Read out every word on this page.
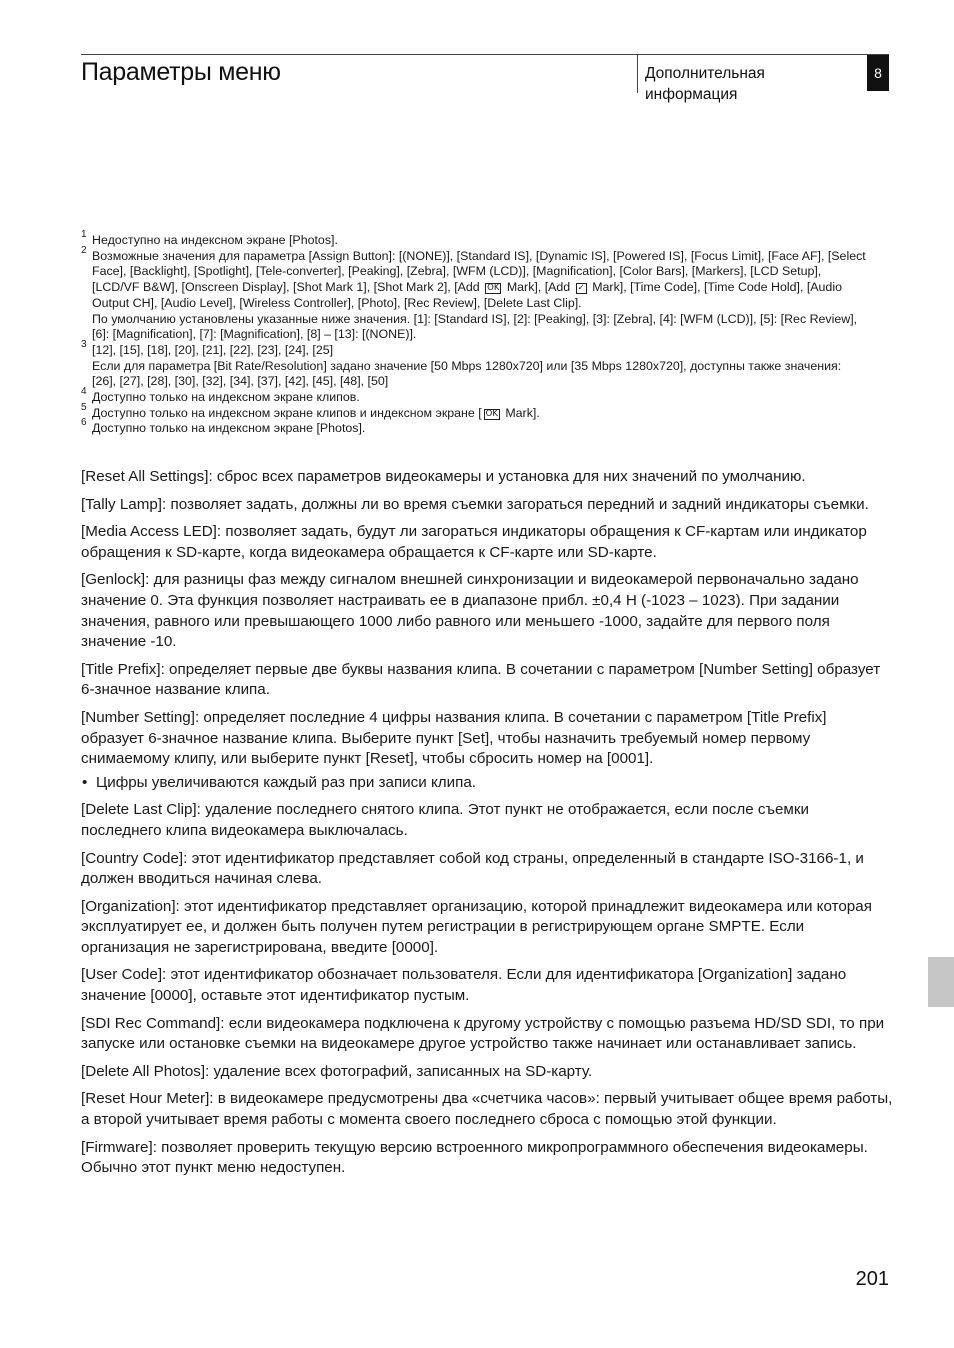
Параметры меню	Дополнительная информация
8
1 Недоступно на индексном экране [Photos].
2 Возможные значения для параметра [Assign Button]: [(NONE)], [Standard IS], [Dynamic IS], [Powered IS], [Focus Limit], [Face AF], [Select Face], [Backlight], [Spotlight], [Tele-converter], [Peaking], [Zebra], [WFM (LCD)], [Magnification], [Color Bars], [Markers], [LCD Setup], [LCD/VF B&W], [Onscreen Display], [Shot Mark 1], [Shot Mark 2], [Add OK Mark], [Add ✓ Mark], [Time Code], [Time Code Hold], [Audio Output CH], [Audio Level], [Wireless Controller], [Photo], [Rec Review], [Delete Last Clip].
По умолчанию установлены указанные ниже значения. [1]: [Standard IS], [2]: [Peaking], [3]: [Zebra], [4]: [WFM (LCD)], [5]: [Rec Review], [6]: [Magnification], [7]: [Magnification], [8] – [13]: [(NONE)].
3 [12], [15], [18], [20], [21], [22], [23], [24], [25]
Если для параметра [Bit Rate/Resolution] задано значение [50 Mbps 1280x720] или [35 Mbps 1280x720], доступны также значения:
[26], [27], [28], [30], [32], [34], [37], [42], [45], [48], [50]
4 Доступно только на индексном экране клипов.
5 Доступно только на индексном экране клипов и индексном экране [ OK Mark].
6 Доступно только на индексном экране [Photos].

[Reset All Settings]: сброс всех параметров видеокамеры и установка для них значений по умолчанию.

[Tally Lamp]: позволяет задать, должны ли во время съемки загораться передний и задний индикаторы съемки.

[Media Access LED]: позволяет задать, будут ли загораться индикаторы обращения к CF-картам или индикатор обращения к SD-карте, когда видеокамера обращается к CF-карте или SD-карте.

[Genlock]: для разницы фаз между сигналом внешней синхронизации и видеокамерой первоначально задано значение 0. Эта функция позволяет настраивать ее в диапазоне прибл. ±0,4 H (-1023 – 1023). При задании значения, равного или превышающего 1000 либо равного или меньшего -1000, задайте для первого поля значение -10.

[Title Prefix]: определяет первые две буквы названия клипа. В сочетании с параметром [Number Setting] образует 6-значное название клипа.

[Number Setting]: определяет последние 4 цифры названия клипа. В сочетании с параметром [Title Prefix] образует 6-значное название клипа. Выберите пункт [Set], чтобы назначить требуемый номер первому снимаемому клипу, или выберите пункт [Reset], чтобы сбросить номер на [0001].

• Цифры увеличиваются каждый раз при записи клипа.

[Delete Last Clip]: удаление последнего снятого клипа. Этот пункт не отображается, если после съемки последнего клипа видеокамера выключалась.

[Country Code]: этот идентификатор представляет собой код страны, определенный в стандарте ISO-3166-1, и должен вводиться начиная слева.

[Organization]: этот идентификатор представляет организацию, которой принадлежит видеокамера или которая эксплуатирует ее, и должен быть получен путем регистрации в регистрирующем органе SMPTE. Если организация не зарегистрирована, введите [0000].

[User Code]: этот идентификатор обозначает пользователя. Если для идентификатора [Organization] задано значение [0000], оставьте этот идентификатор пустым.

[SDI Rec Command]: если видеокамера подключена к другому устройству с помощью разъема HD/SD SDI, то при запуске или остановке съемки на видеокамере другое устройство также начинает или останавливает запись.

[Delete All Photos]: удаление всех фотографий, записанных на SD-карту.

[Reset Hour Meter]: в видеокамере предусмотрены два «счетчика часов»: первый учитывает общее время работы, а второй учитывает время работы с момента своего последнего сброса с помощью этой функции.

[Firmware]: позволяет проверить текущую версию встроенного микропрограммного обеспечения видеокамеры. Обычно этот пункт меню недоступен.

201
